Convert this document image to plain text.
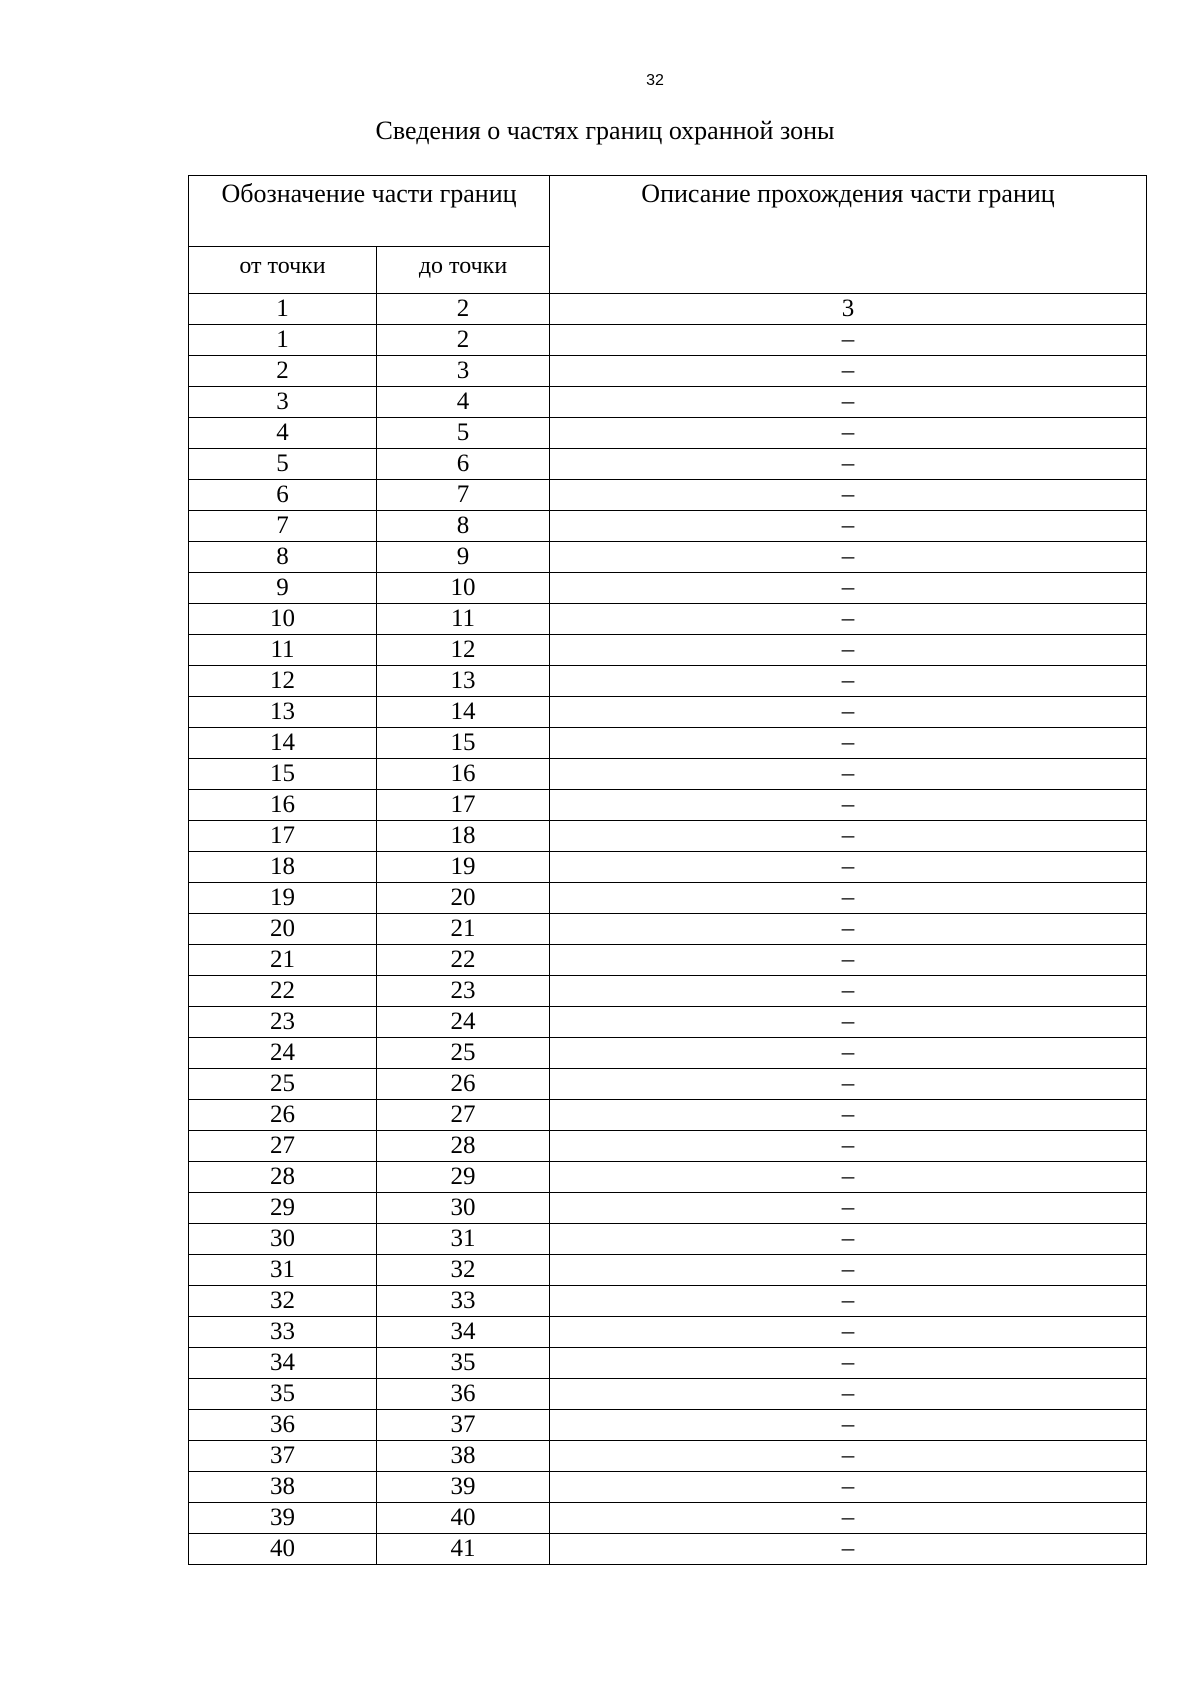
32
Сведения о частях границ охранной зоны
Обозначение части границ		Описание прохождения части границ
от точки	до точки	
1	2	3
1	2	–
2	3	–
3	4	–
4	5	–
5	6	–
6	7	–
7	8	–
8	9	–
9	10	–
10	11	–
11	12	–
12	13	–
13	14	–
14	15	–
15	16	–
16	17	–
17	18	–
18	19	–
19	20	–
20	21	–
21	22	–
22	23	–
23	24	–
24	25	–
25	26	–
26	27	–
27	28	–
28	29	–
29	30	–
30	31	–
31	32	–
32	33	–
33	34	–
34	35	–
35	36	–
36	37	–
37	38	–
38	39	–
39	40	–
40	41	–
